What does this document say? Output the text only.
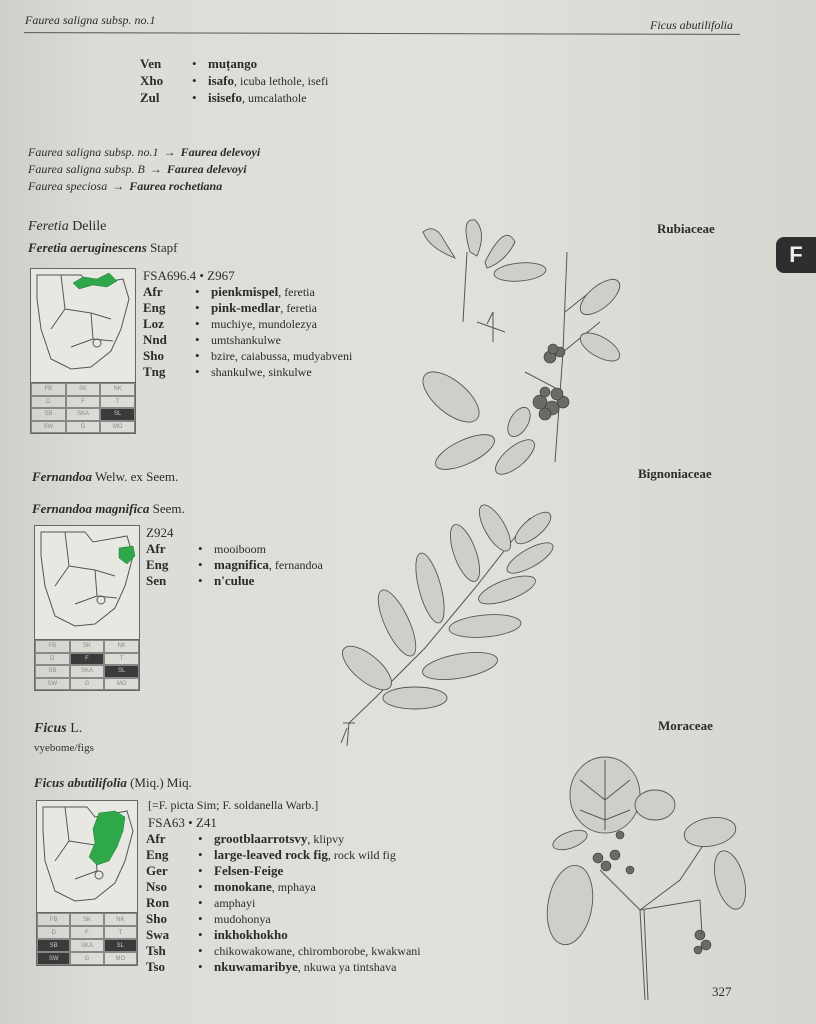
Faurea saligna subsp. no.1	Ficus abutilifolia
Ven • muṭango
Xho • isafo, icuba lethole, isefi
Zul • isisefo, umcalathole
Faurea saligna subsp. no.1 → Faurea delevoyi
Faurea saligna subsp. B → Faurea delevoyi
Faurea speciosa → Faurea rochetiana
F
Feretia Delile	Rubiaceae
Feretia aeruginescens Stapf
FB	SK	NK
D	F	T
SB	SKA	SL
SW	G	MO
FSA696.4 • Z967
Afr	• pienkmispel, feretia
Eng • pink-medlar, feretia
Loz • muchiye, mundolezya
Nnd • umtshankulwe
Sho • bzire, caiabussa, mudyabveni
Tng • shankulwe, sinkulwe
Fernandoa Welw. ex Seem.	Bignoniaceae
Fernandoa magnifica Seem.
FB	SK	NK
D	F	T
SB	SKA	SL
SW	G	MO
Z924
Afr	• mooiboom
Eng • magnifica, fernandoa
Sen • n'culue
Ficus L.
vyebome/figs
Moraceae
Ficus abutilifolia (Miq.) Miq.
FB	SK	NK
D	F	T
SB	SKA	SL
SW	G	MO
[=F. picta Sim; F. soldanella Warb.]
FSA63 • Z41
Afr	• grootblaarrotsvy, klipvy
Eng • large-leaved rock fig, rock wild fig
Ger • Felsen-Feige
Nso • monokane, mphaya
Ron • amphayi
Sho • mudohonya
Swa • inkhokhokho
Tsh • chikowakowane, chiromborobe, kwakwani
Tso	• nkuwamaribye, nkuwa ya tintshava
327
